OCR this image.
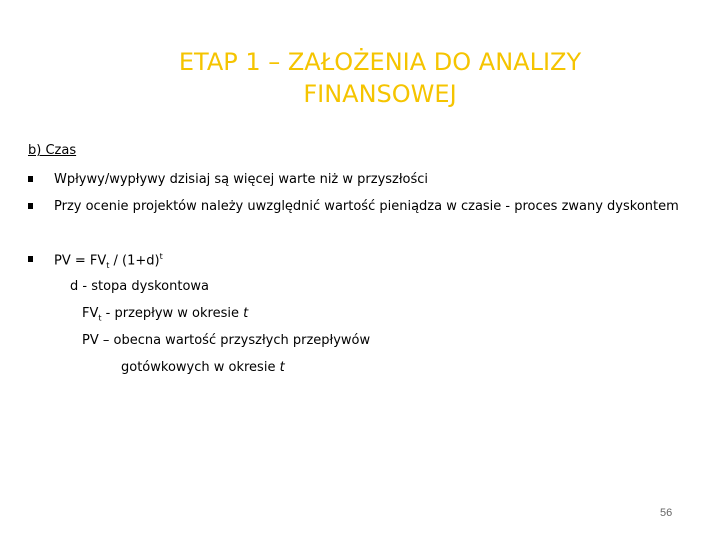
ETAP 1 – ZAŁOŻENIA DO ANALIZY
FINANSOWEJ
b) Czas
Wpływy/wypływy dzisiaj są więcej warte niż w przyszłości
Przy ocenie projektów należy uwzględnić wartość pieniądza w czasie - proces zwany dyskontem
PV = $FV_t / (1+d)^t$
d - stopa dyskontowa
$FV_t$ - przepływ w okresie t
PV – obecna wartość przyszłych przepływów
gotówkowych w okresie t
56
